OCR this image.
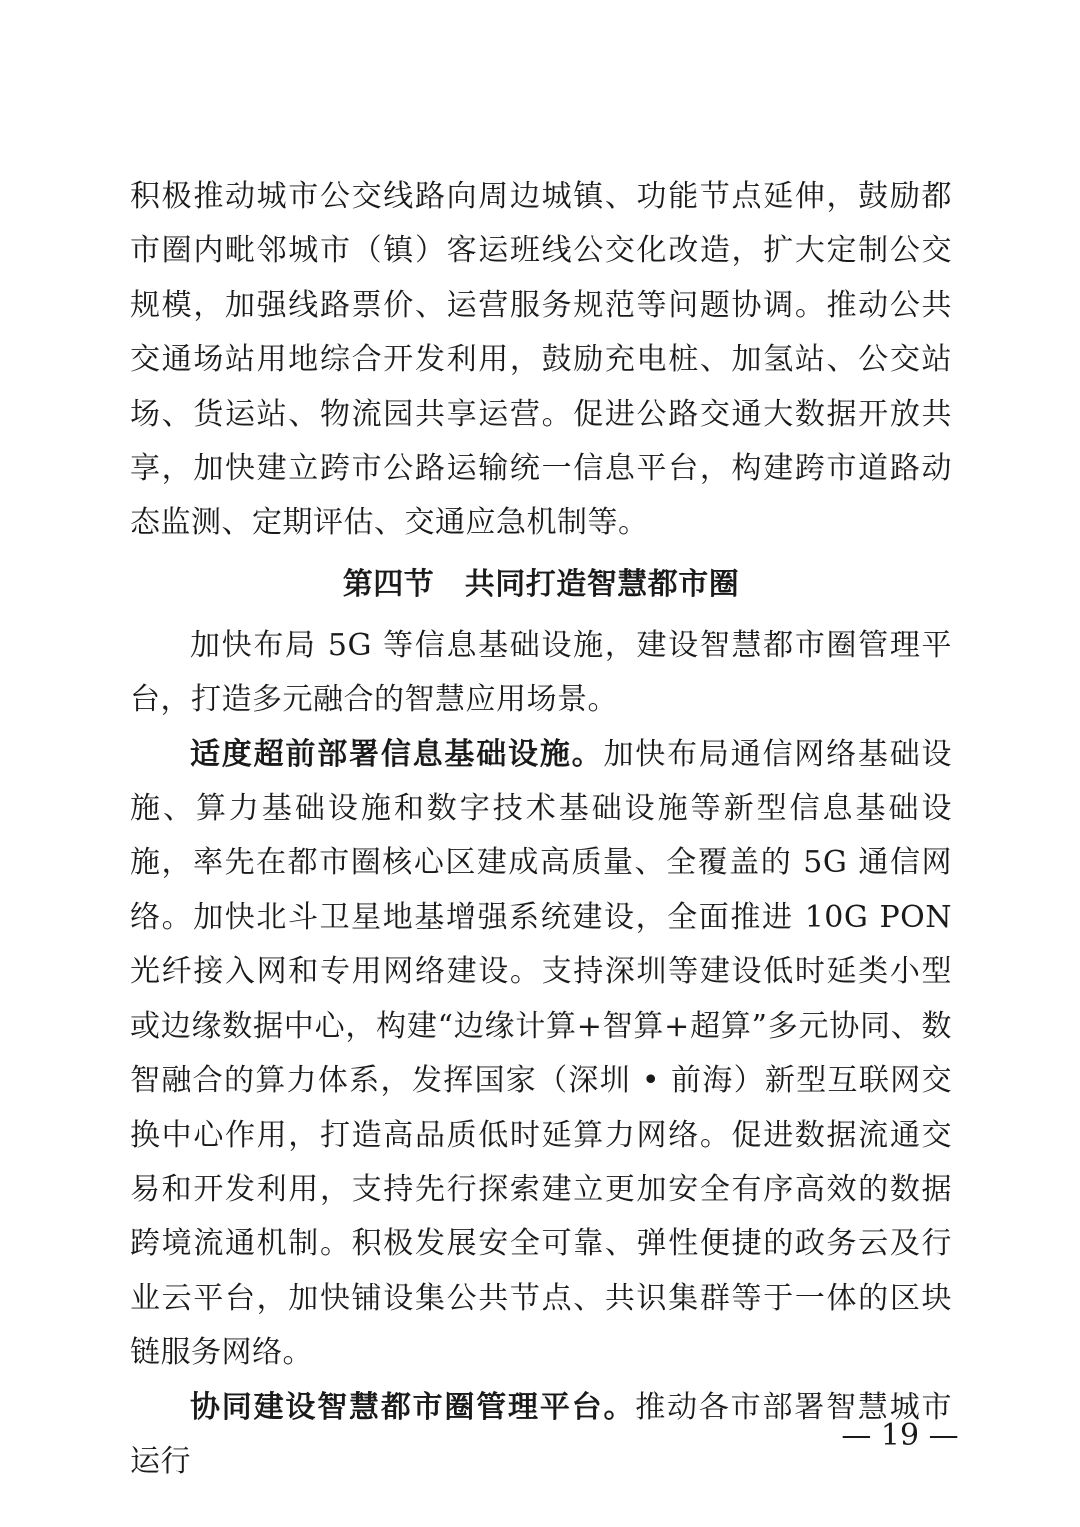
积极推动城市公交线路向周边城镇、功能节点延伸，鼓励都市圈内毗邻城市（镇）客运班线公交化改造，扩大定制公交规模，加强线路票价、运营服务规范等问题协调。推动公共交通场站用地综合开发利用，鼓励充电桩、加氢站、公交站场、货运站、物流园共享运营。促进公路交通大数据开放共享，加快建立跨市公路运输统一信息平台，构建跨市道路动态监测、定期评估、交通应急机制等。

第四节　共同打造智慧都市圈

加快布局 5G 等信息基础设施，建设智慧都市圈管理平台，打造多元融合的智慧应用场景。

适度超前部署信息基础设施。加快布局通信网络基础设施、算力基础设施和数字技术基础设施等新型信息基础设施，率先在都市圈核心区建成高质量、全覆盖的 5G 通信网络。加快北斗卫星地基增强系统建设，全面推进 10G PON 光纤接入网和专用网络建设。支持深圳等建设低时延类小型或边缘数据中心，构建“边缘计算+智算+超算”多元协同、数智融合的算力体系，发挥国家（深圳 • 前海）新型互联网交换中心作用，打造高品质低时延算力网络。促进数据流通交易和开发利用，支持先行探索建立更加安全有序高效的数据跨境流通机制。积极发展安全可靠、弹性便捷的政务云及行业云平台，加快铺设集公共节点、共识集群等于一体的区块链服务网络。

协同建设智慧都市圈管理平台。推动各市部署智慧城市运行

— 19 —
